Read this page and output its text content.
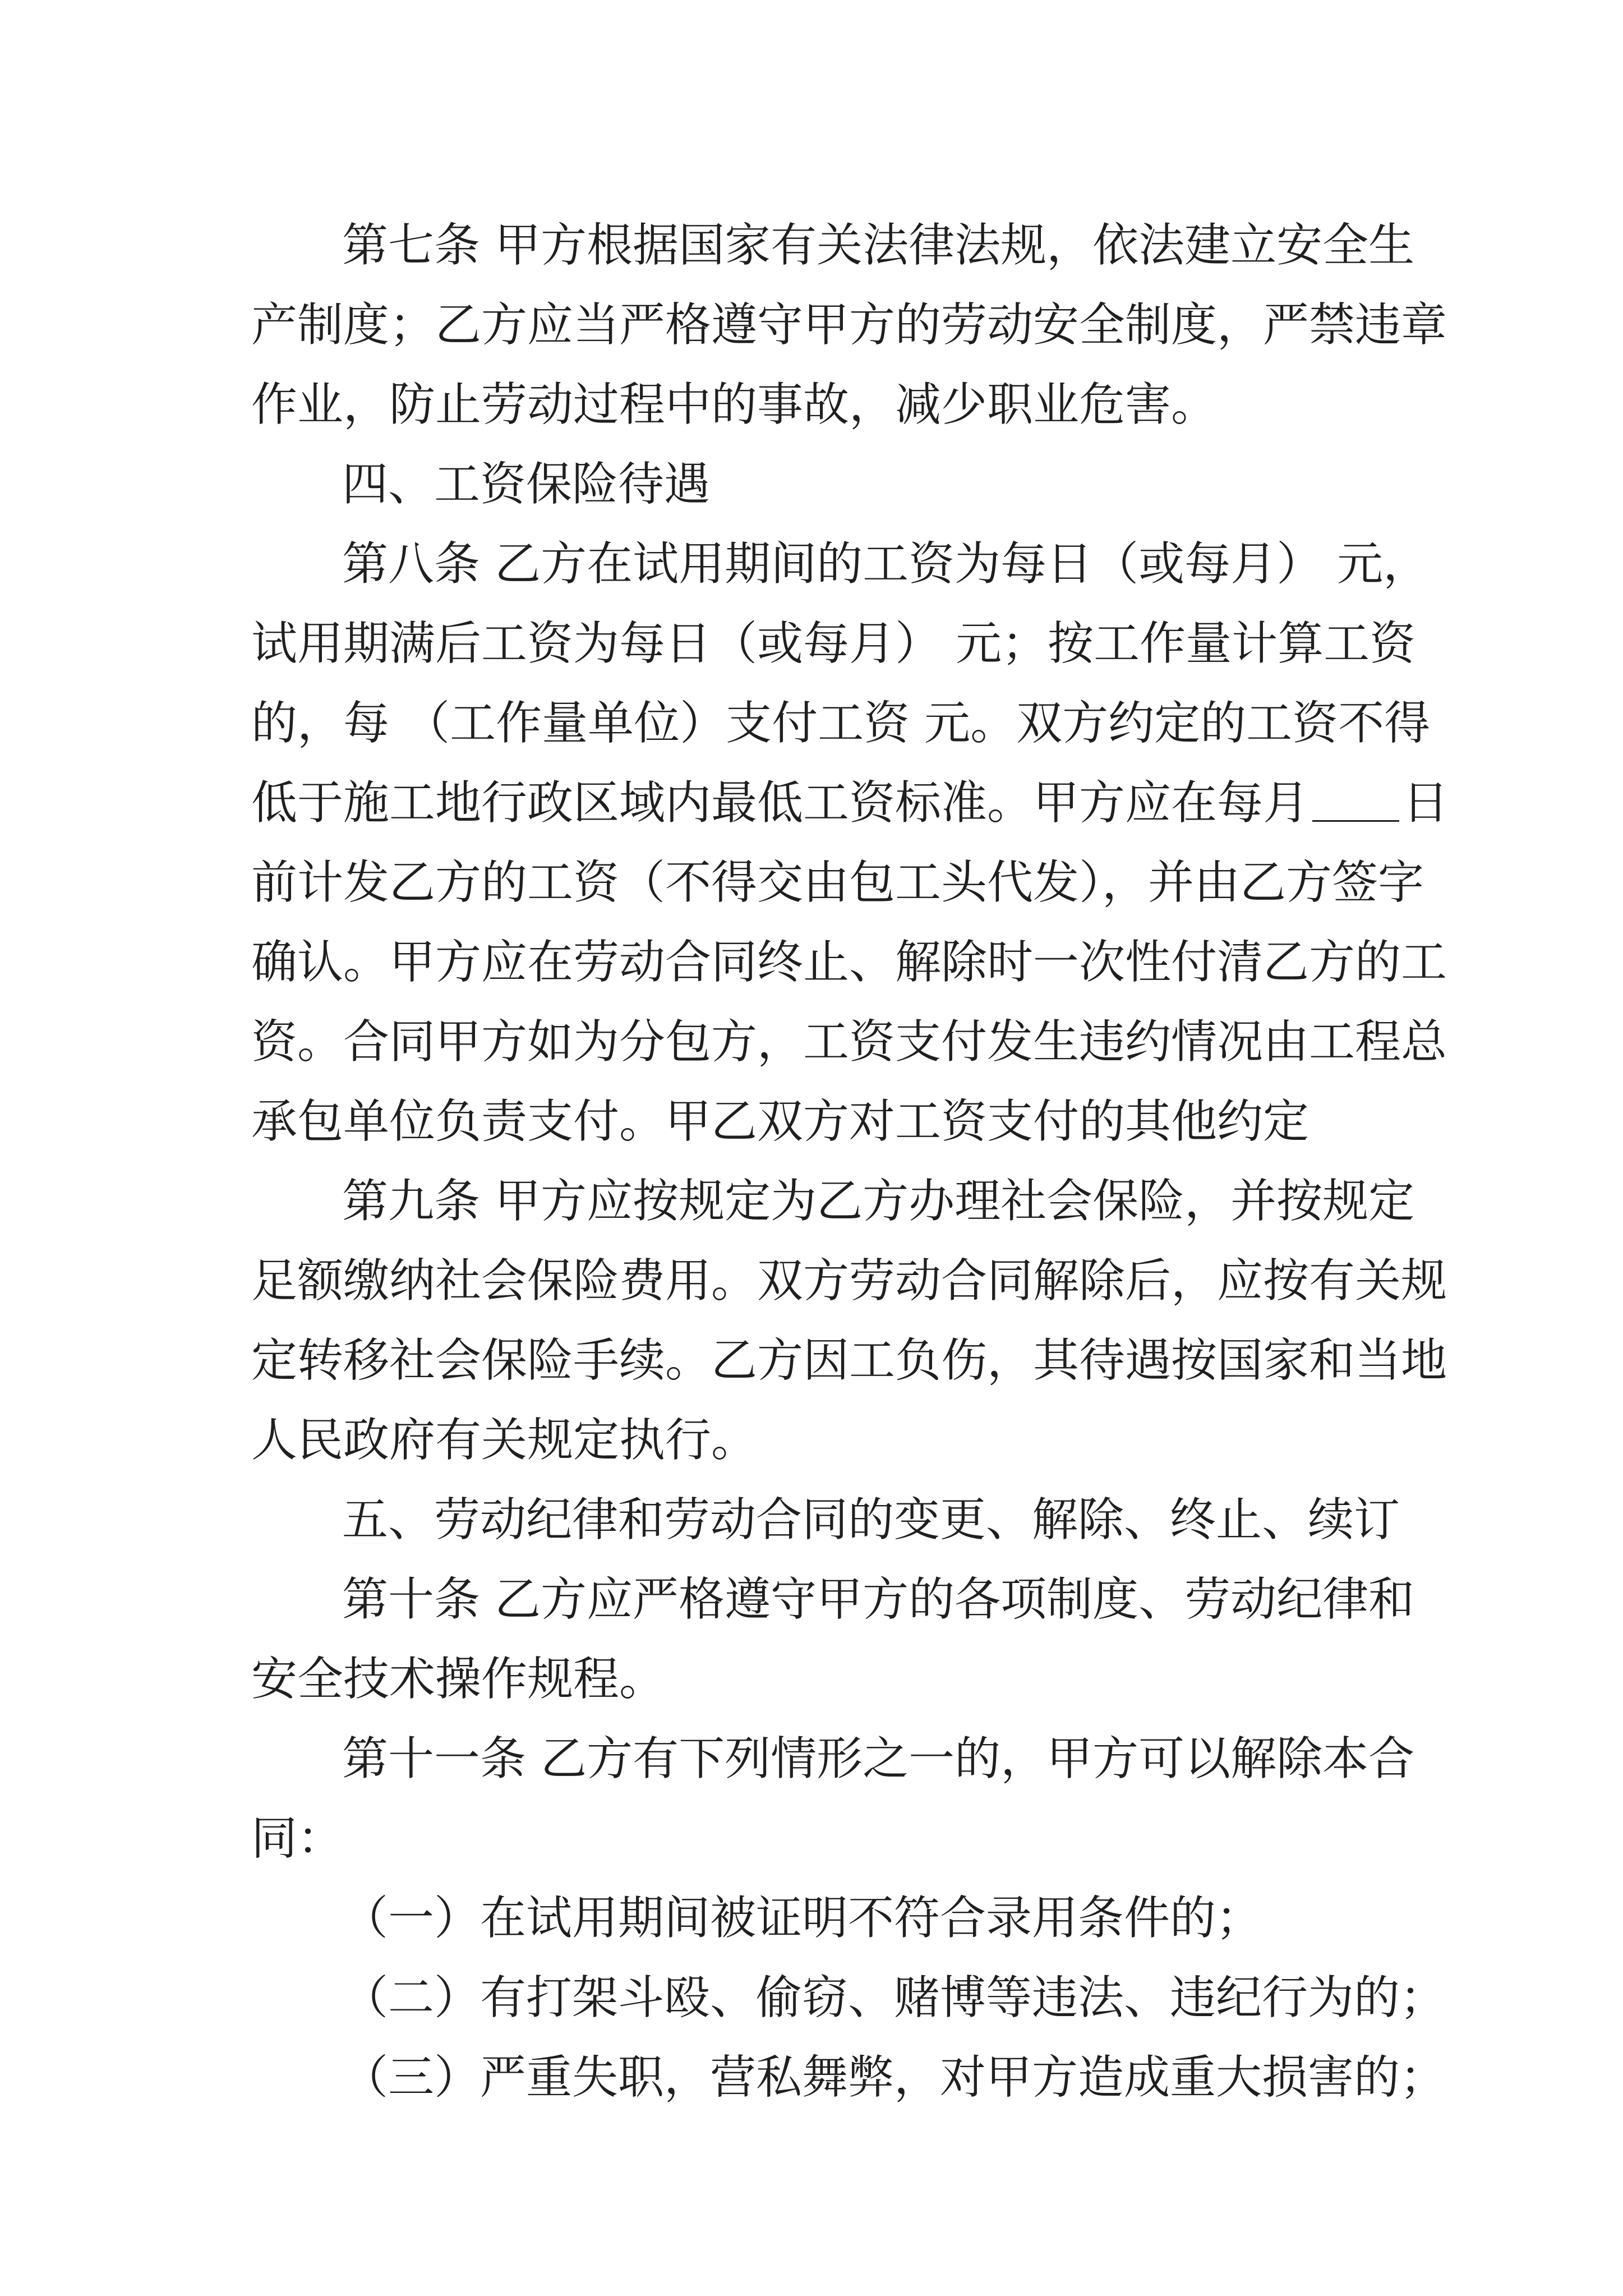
第七条 甲方根据国家有关法律法规，依法建立安全生

产制度；乙方应当严格遵守甲方的劳动安全制度，严禁违章

作业，防止劳动过程中的事故，减少职业危害。

四、工资保险待遇

第八条 乙方在试用期间的工资为每日（或每月） 元，

试用期满后工资为每日（或每月） 元；按工作量计算工资

的，每 （工作量单位）支付工资 元。双方约定的工资不得

低于施工地行政区域内最低工资标准。甲方应在每月 日

前计发乙方的工资（不得交由包工头代发），并由乙方签字

确认。甲方应在劳动合同终止、解除时一次性付清乙方的工

资。合同甲方如为分包方，工资支付发生违约情况由工程总

承包单位负责支付。甲乙双方对工资支付的其他约定

第九条 甲方应按规定为乙方办理社会保险，并按规定

足额缴纳社会保险费用。双方劳动合同解除后，应按有关规

定转移社会保险手续。乙方因工负伤，其待遇按国家和当地

人民政府有关规定执行。

五、劳动纪律和劳动合同的变更、解除、终止、续订

第十条 乙方应严格遵守甲方的各项制度、劳动纪律和

安全技术操作规程。

第十一条 乙方有下列情形之一的，甲方可以解除本合

同：

（一）在试用期间被证明不符合录用条件的；

（二）有打架斗殴、偷窃、赌博等违法、违纪行为的；

（三）严重失职，营私舞弊，对甲方造成重大损害的；
